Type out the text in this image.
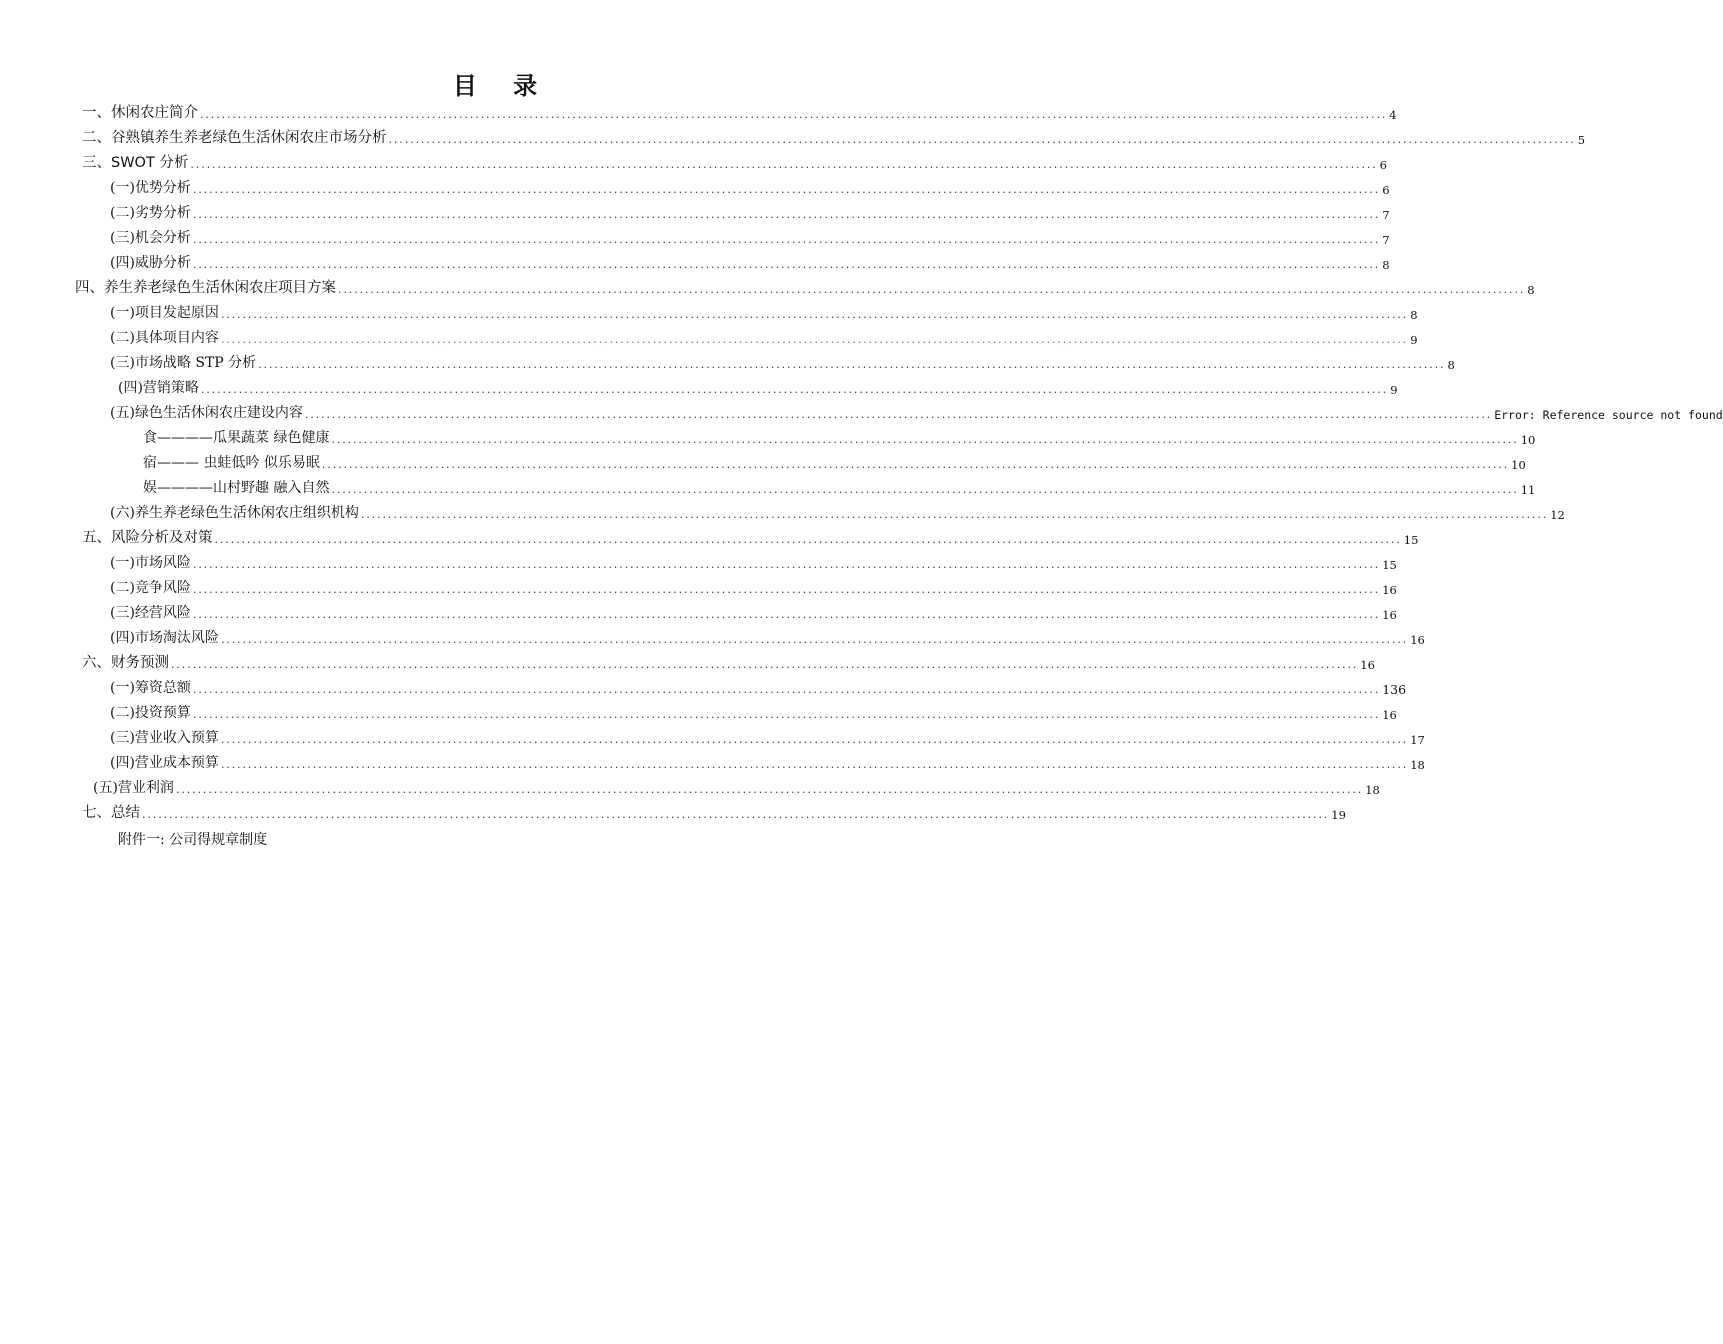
目 录
一、休闲农庄简介 ............................................................................................................................................................................................................................ 4
二、谷熟镇养生养老绿色生活休闲农庄市场分析 ............................................................................................................................................................................................................................ 5
三、SWOT 分析 ............................................................................................................................................................................................................................ 6
(一)优势分析 ............................................................................................................................................................................................................................ 6
(二)劣势分析 ............................................................................................................................................................................................................................ 7
(三)机会分析 ............................................................................................................................................................................................................................ 7
(四)威胁分析 ............................................................................................................................................................................................................................ 8
四、养生养老绿色生活休闲农庄项目方案 ............................................................................................................................................................................................................................ 8
(一)项目发起原因 ............................................................................................................................................................................................................................ 8
(二)具体项目内容 ............................................................................................................................................................................................................................ 9
(三)市场战略 STP 分析 ............................................................................................................................................................................................................................ 8
(四)营销策略 ............................................................................................................................................................................................................................ 9
(五)绿色生活休闲农庄建设内容 ............................................................................................................................................................................................................................ Error: Reference source not found
食————瓜果蔬菜 绿色健康 ............................................................................................................................................................................................................................ 10
宿——— 虫蛙低吟 似乐易眠 ............................................................................................................................................................................................................................ 10
娱————山村野趣 融入自然 ............................................................................................................................................................................................................................ 11
(六)养生养老绿色生活休闲农庄组织机构 ............................................................................................................................................................................................................................ 12
五、风险分析及对策 ............................................................................................................................................................................................................................ 15
(一)市场风险 ............................................................................................................................................................................................................................ 15
(二)竞争风险 ............................................................................................................................................................................................................................ 16
(三)经营风险 ............................................................................................................................................................................................................................ 16
(四)市场淘汰风险 ............................................................................................................................................................................................................................ 16
六、财务预测 ............................................................................................................................................................................................................................ 16
(一)筹资总额 ............................................................................................................................................................................................................................ 136
(二)投资预算 ............................................................................................................................................................................................................................ 16
(三)营业收入预算 ............................................................................................................................................................................................................................ 17
(四)营业成本预算 ............................................................................................................................................................................................................................ 18
(五)营业利润 ............................................................................................................................................................................................................................ 18
七、总结 ............................................................................................................................................................................................................................ 19
附件一: 公司得规章制度
